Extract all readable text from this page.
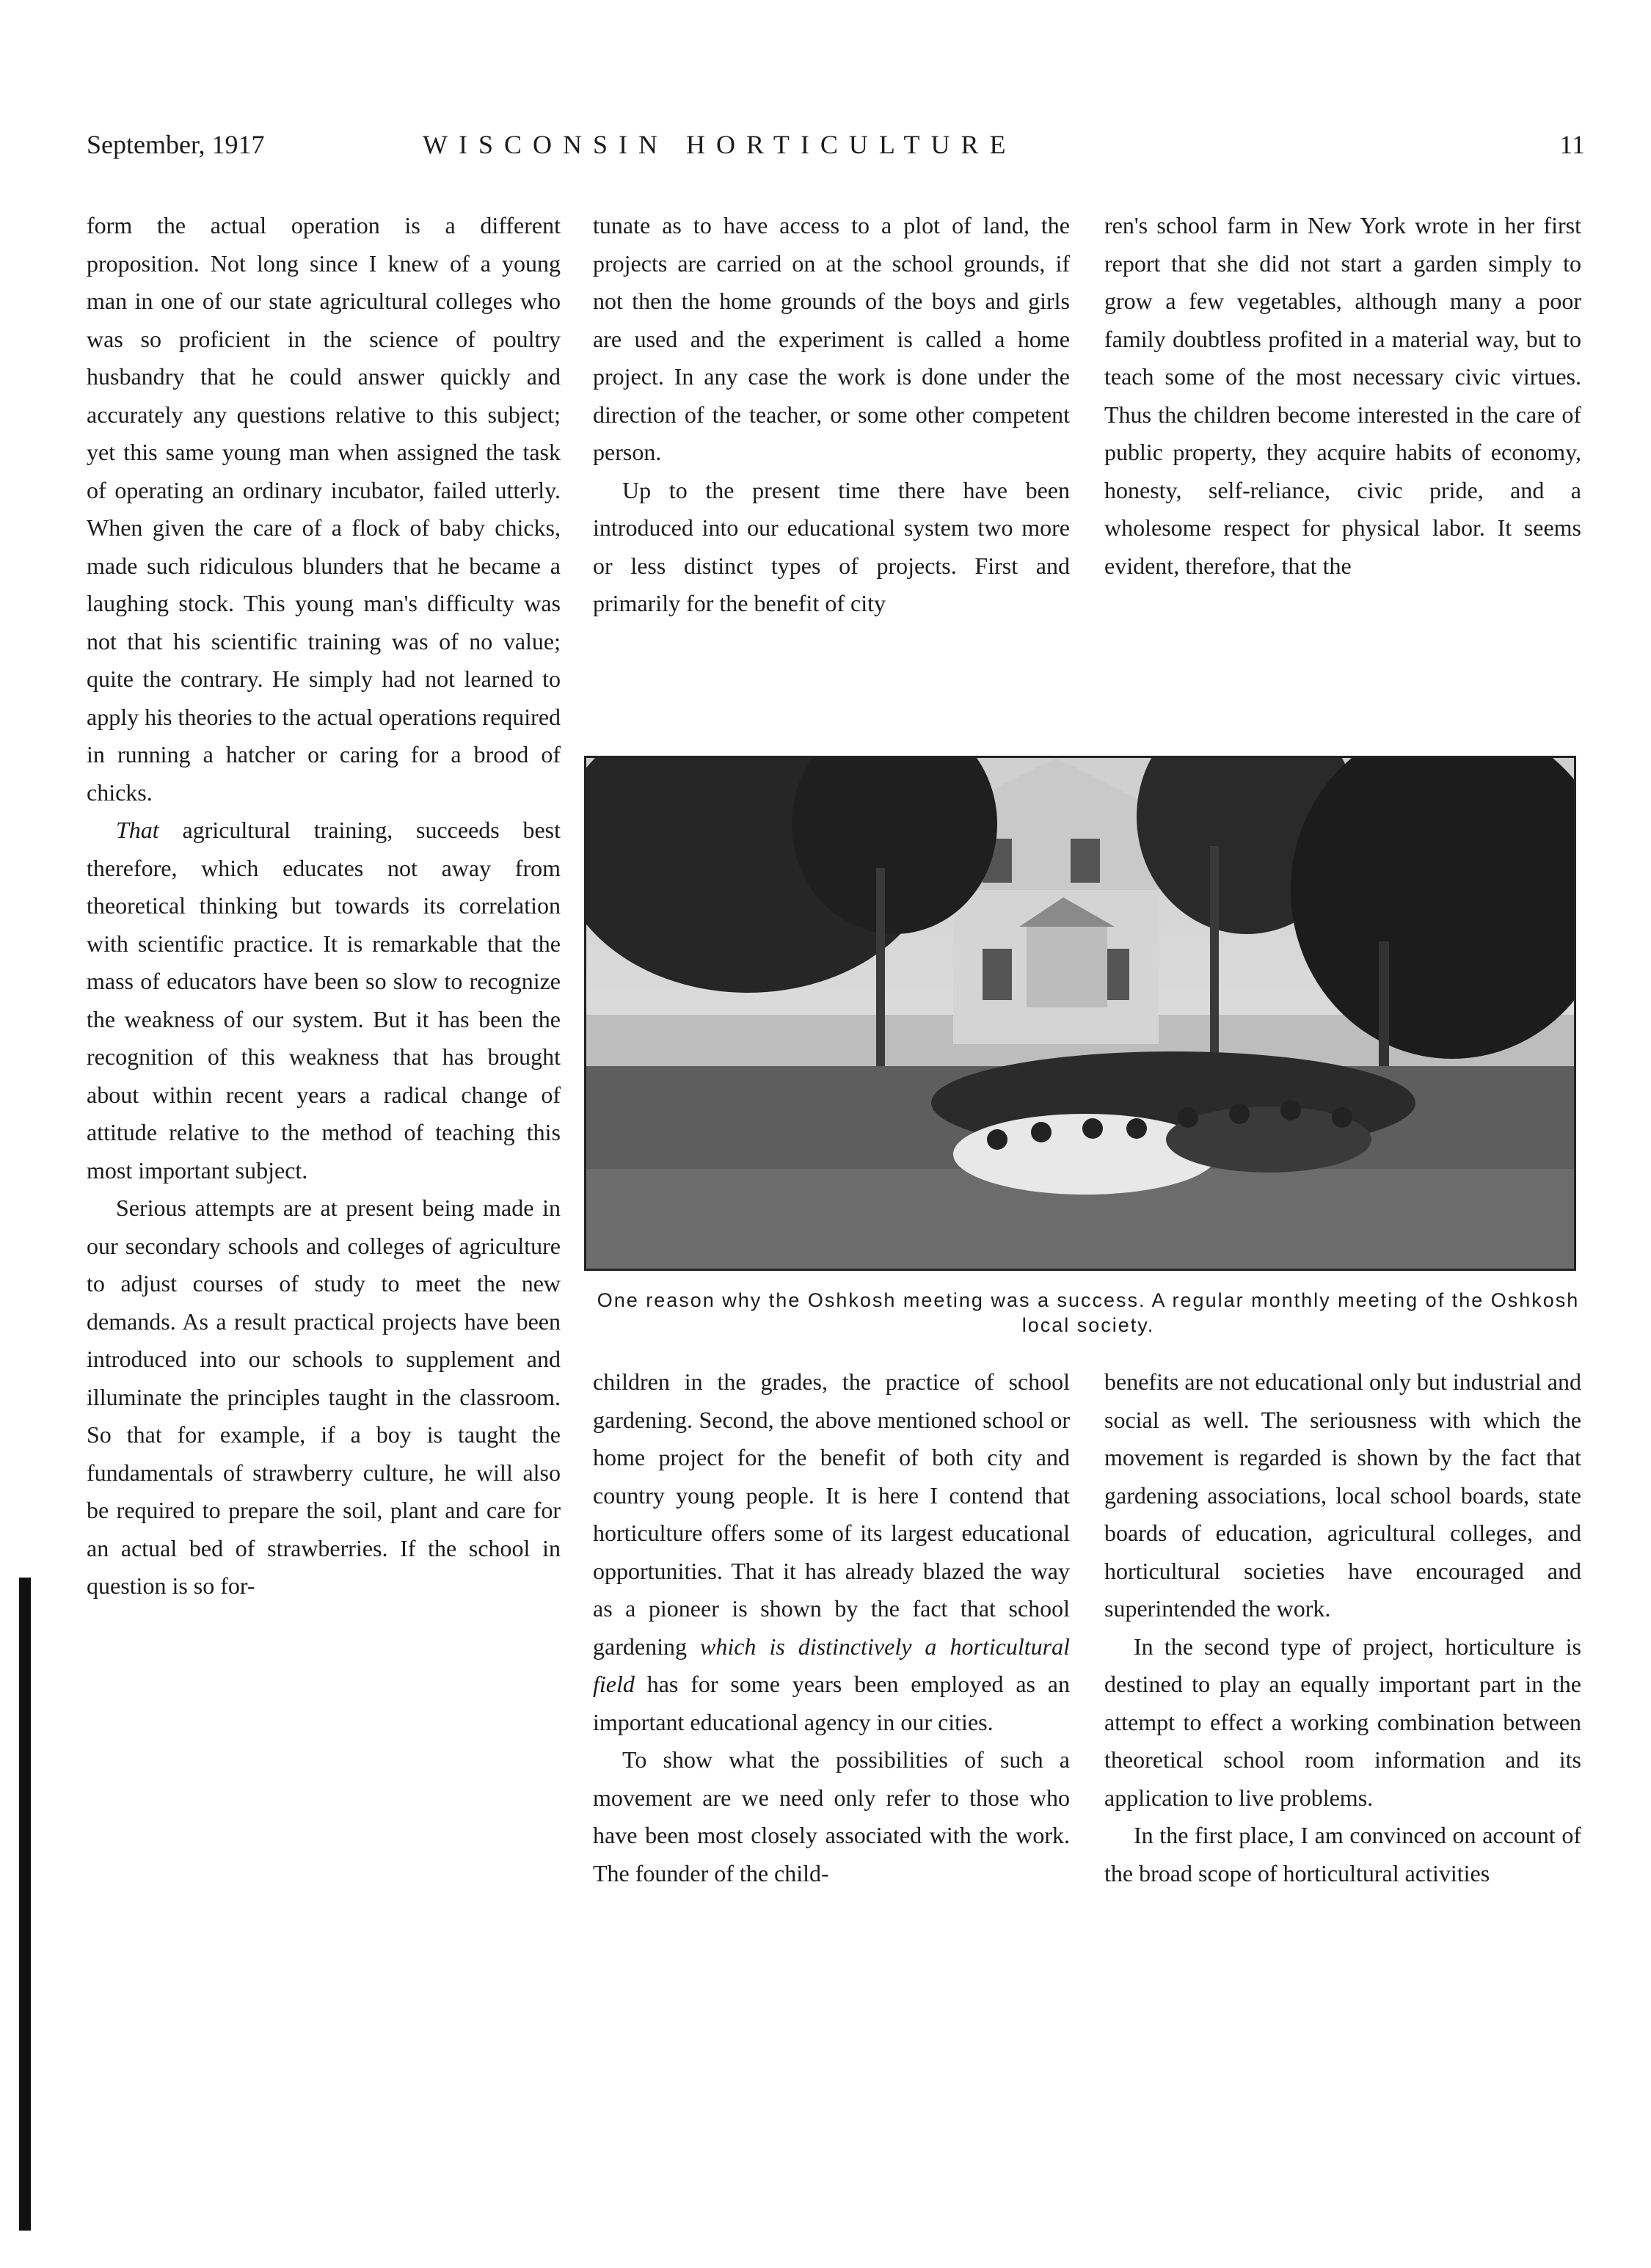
September, 1917	WISCONSIN HORTICULTURE	11

form the actual operation is a different proposition. Not long since I knew of a young man in one of our state agricultural colleges who was so proficient in the science of poultry husbandry that he could answer quickly and accurately any questions relative to this subject; yet this same young man when assigned the task of operating an ordinary incubator, failed utterly. When given the care of a flock of baby chicks, made such ridiculous blunders that he became a laughing stock. This young man's difficulty was not that his scientific training was of no value; quite the contrary. He simply had not learned to apply his theories to the actual operations required in running a hatcher or caring for a brood of chicks.

That agricultural training, succeeds best therefore, which educates not away from theoretical thinking but towards its correlation with scientific practice. It is remarkable that the mass of educators have been so slow to recognize the weakness of our system. But it has been the recognition of this weakness that has brought about within recent years a radical change of attitude relative to the method of teaching this most important subject.

Serious attempts are at present being made in our secondary schools and colleges of agriculture to adjust courses of study to meet the new demands. As a result practical projects have been introduced into our schools to supplement and illuminate the principles taught in the classroom. So that for example, if a boy is taught the fundamentals of strawberry culture, he will also be required to prepare the soil, plant and care for an actual bed of strawberries. If the school in question is so for-

tunate as to have access to a plot of land, the projects are carried on at the school grounds, if not then the home grounds of the boys and girls are used and the experiment is called a home project. In any case the work is done under the direction of the teacher, or some other competent person.

Up to the present time there have been introduced into our educational system two more or less distinct types of projects. First and primarily for the benefit of city

ren's school farm in New York wrote in her first report that she did not start a garden simply to grow a few vegetables, although many a poor family doubtless profited in a material way, but to teach some of the most necessary civic virtues. Thus the children become interested in the care of public property, they acquire habits of economy, honesty, self-reliance, civic pride, and a wholesome respect for physical labor. It seems evident, therefore, that the

One reason why the Oshkosh meeting was a success. A regular monthly meeting of the Oshkosh local society.

children in the grades, the practice of school gardening. Second, the above mentioned school or home project for the benefit of both city and country young people. It is here I contend that horticulture offers some of its largest educational opportunities. That it has already blazed the way as a pioneer is shown by the fact that school gardening which is distinctively a horticultural field has for some years been employed as an important educational agency in our cities.

To show what the possibilities of such a movement are we need only refer to those who have been most closely associated with the work. The founder of the child-

benefits are not educational only but industrial and social as well. The seriousness with which the movement is regarded is shown by the fact that gardening associations, local school boards, state boards of education, agricultural colleges, and horticultural societies have encouraged and superintended the work.

In the second type of project, horticulture is destined to play an equally important part in the attempt to effect a working combination between theoretical school room information and its application to live problems.

In the first place, I am convinced on account of the broad scope of horticultural activities
